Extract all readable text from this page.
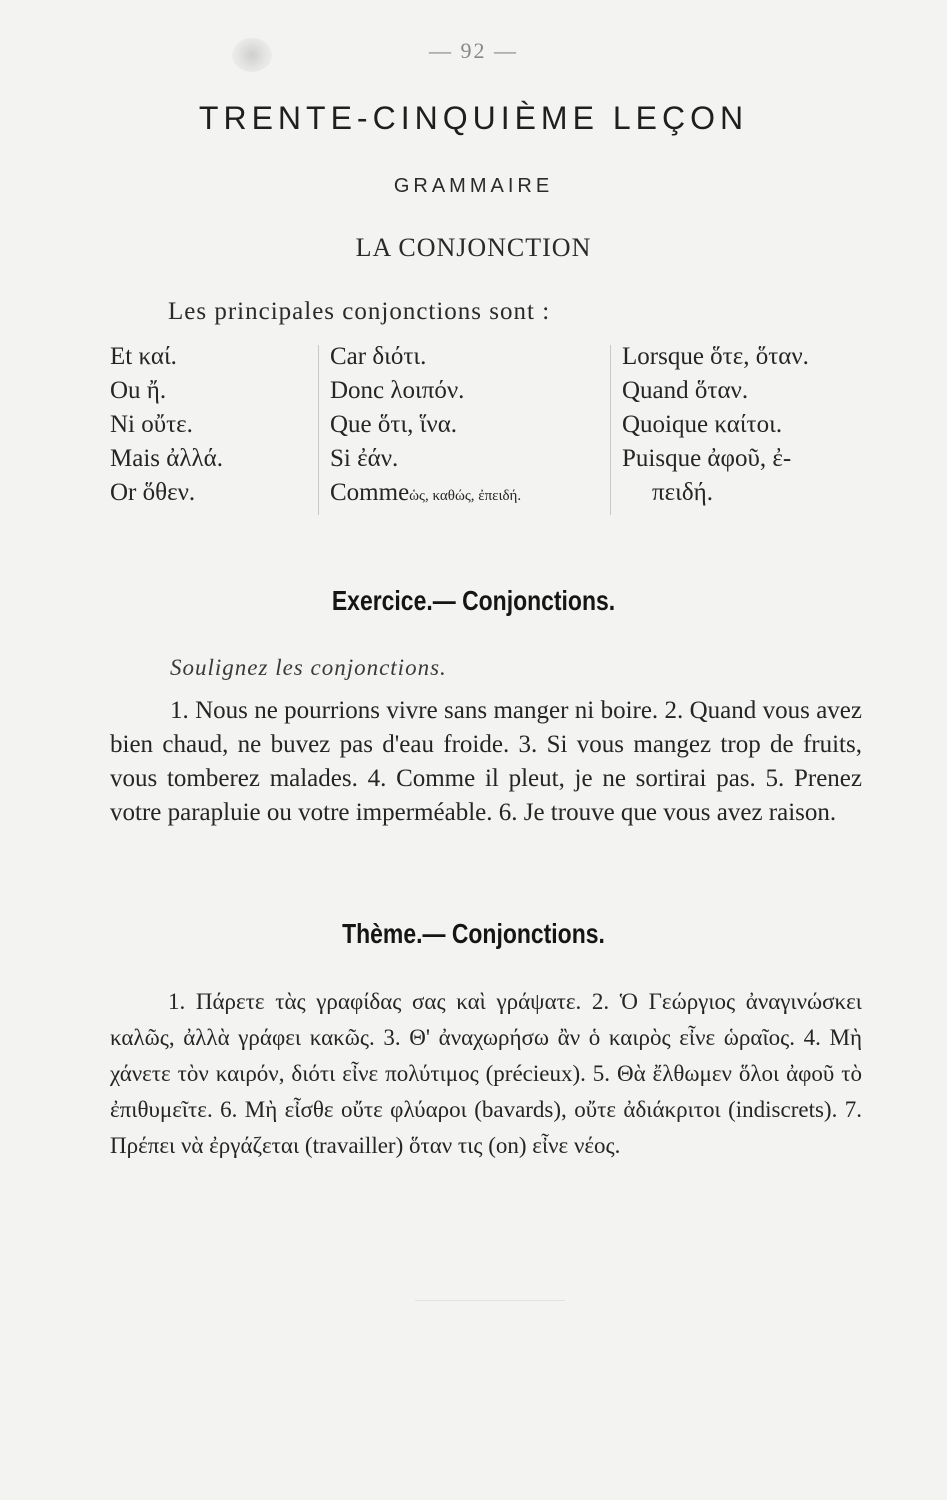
— 92 —
TRENTE-CINQUIÈME LEÇON
GRAMMAIRE
LA CONJONCTION
Les principales conjonctions sont :
Et καί.
Ou ἤ.
Ni οὔτε.
Mais ἀλλά.
Or ὅθεν.
Car διότι.
Donc λοιπόν.
Que ὅτι, ἵνα.
Si ἐάν.
Commeὡς, καθώς, ἐπειδή.
Lorsque ὅτε, ὅταν.
Quand ὅταν.
Quoique καίτοι.
Puisque ἀφοῦ, ἐ-
πειδή.
Exercice.— Conjonctions.
Soulignez les conjonctions.
1. Nous ne pourrions vivre sans manger ni boire. 2. Quand vous avez bien chaud, ne buvez pas d'eau froide. 3. Si vous mangez trop de fruits, vous tomberez malades. 4. Comme il pleut, je ne sortirai pas. 5. Prenez votre parapluie ou votre imperméable. 6. Je trouve que vous avez raison.
Thème.— Conjonctions.
1. Πάρετε τὰς γραφίδας σας καὶ γράψατε. 2. Ὁ Γεώργιος ἀναγινώσκει καλῶς, ἀλλὰ γράφει κακῶς. 3. Θ' ἀναχωρήσω ἂν ὁ καιρὸς εἶνε ὡραῖος. 4. Μὴ χάνετε τὸν καιρόν, διότι εἶνε πολύτιμος (précieux). 5. Θὰ ἔλθωμεν ὅλοι ἀφοῦ τὸ ἐπιθυμεῖτε. 6. Μὴ εἶσθε οὔτε φλύαροι (bavards), οὔτε ἀδιάκριτοι (indiscrets). 7. Πρέπει νὰ ἐργάζεται (travailler) ὅταν τις (on) εἶνε νέος.
